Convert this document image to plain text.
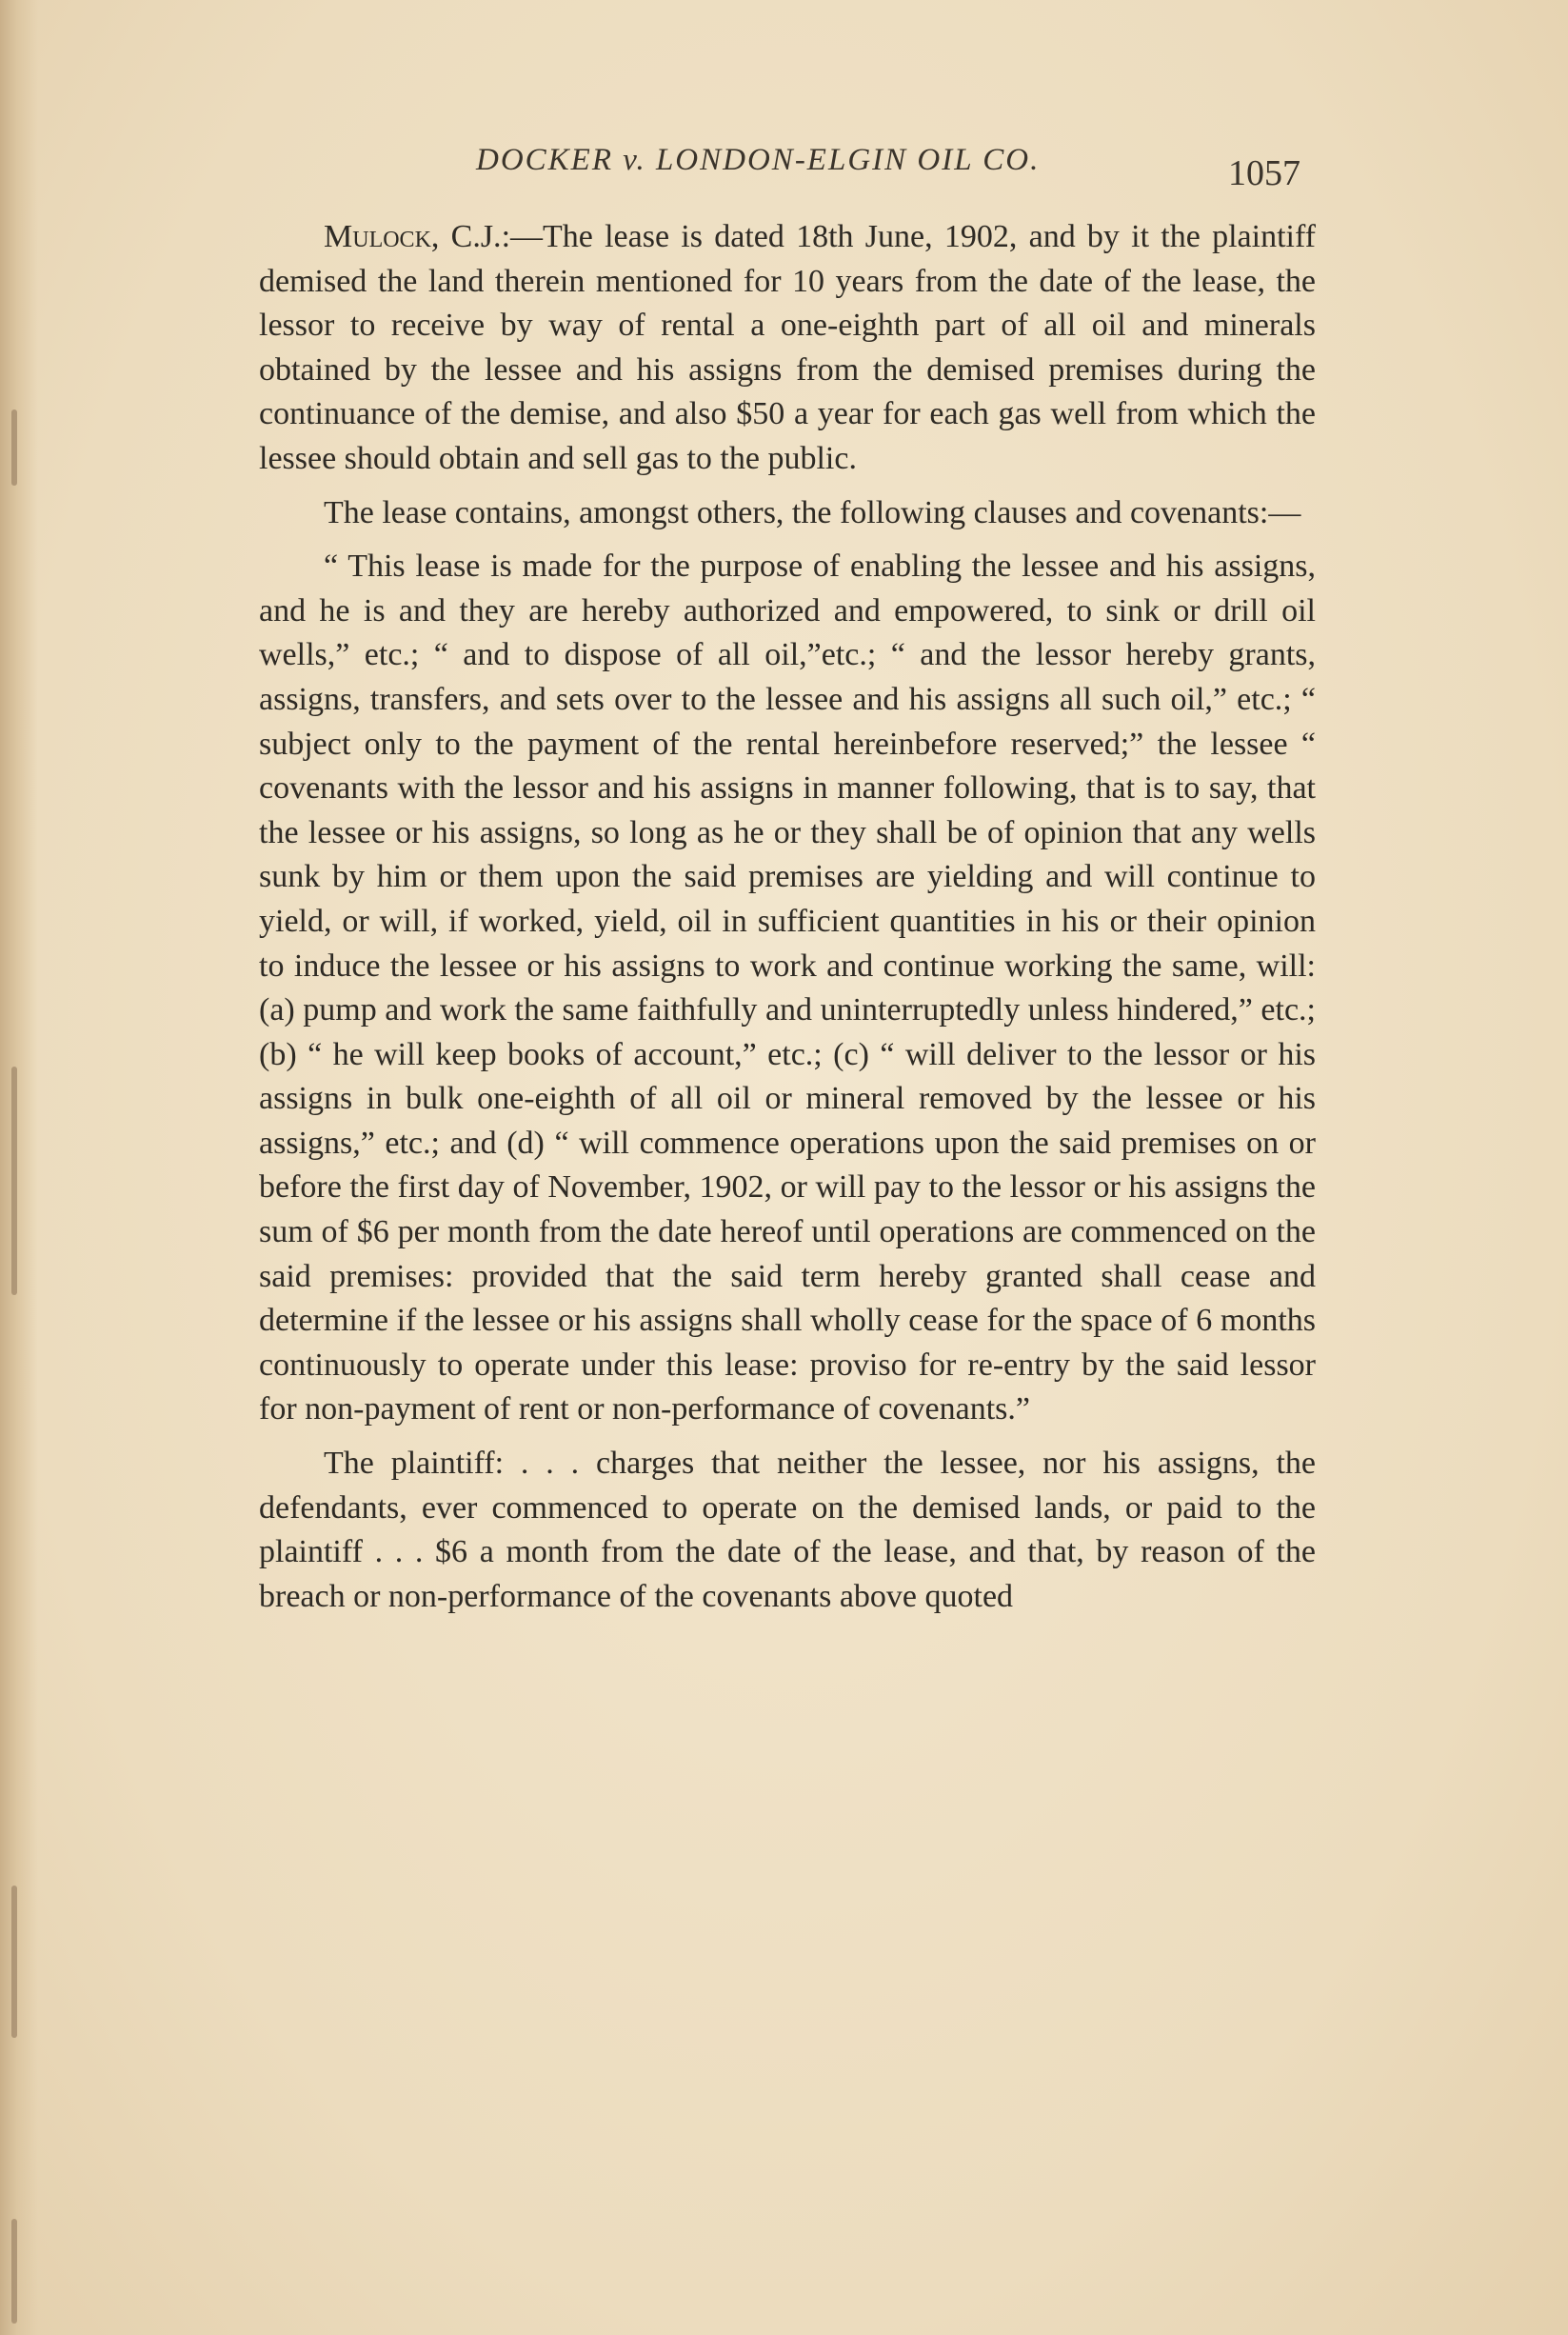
DOCKER v. LONDON-ELGIN OIL CO.	1057

Mulock, C.J.:—The lease is dated 18th June, 1902, and by it the plaintiff demised the land therein mentioned for 10 years from the date of the lease, the lessor to receive by way of rental a one-eighth part of all oil and minerals obtained by the lessee and his assigns from the demised premises during the continuance of the demise, and also $50 a year for each gas well from which the lessee should obtain and sell gas to the public.

The lease contains, amongst others, the following clauses and covenants:—

“ This lease is made for the purpose of enabling the lessee and his assigns, and he is and they are hereby authorized and empowered, to sink or drill oil wells,” etc.; “ and to dispose of all oil,”etc.; “ and the lessor hereby grants, assigns, transfers, and sets over to the lessee and his assigns all such oil,” etc.; “ subject only to the payment of the rental hereinbefore reserved;” the lessee “ covenants with the lessor and his assigns in manner following, that is to say, that the lessee or his assigns, so long as he or they shall be of opinion that any wells sunk by him or them upon the said premises are yielding and will continue to yield, or will, if worked, yield, oil in sufficient quantities in his or their opinion to induce the lessee or his assigns to work and continue working the same, will: (a) pump and work the same faithfully and uninterruptedly unless hindered,” etc.; (b) “ he will keep books of account,” etc.; (c) “ will deliver to the lessor or his assigns in bulk one-eighth of all oil or mineral removed by the lessee or his assigns,” etc.; and (d) “ will commence operations upon the said premises on or before the first day of November, 1902, or will pay to the lessor or his assigns the sum of $6 per month from the date hereof until operations are commenced on the said premises: provided that the said term hereby granted shall cease and determine if the lessee or his assigns shall wholly cease for the space of 6 months continuously to operate under this lease: proviso for re-entry by the said lessor for non-payment of rent or non-performance of covenants.”

The plaintiff: . . . charges that neither the lessee, nor his assigns, the defendants, ever commenced to operate on the demised lands, or paid to the plaintiff . . . $6 a month from the date of the lease, and that, by reason of the breach or non-performance of the covenants above quoted
